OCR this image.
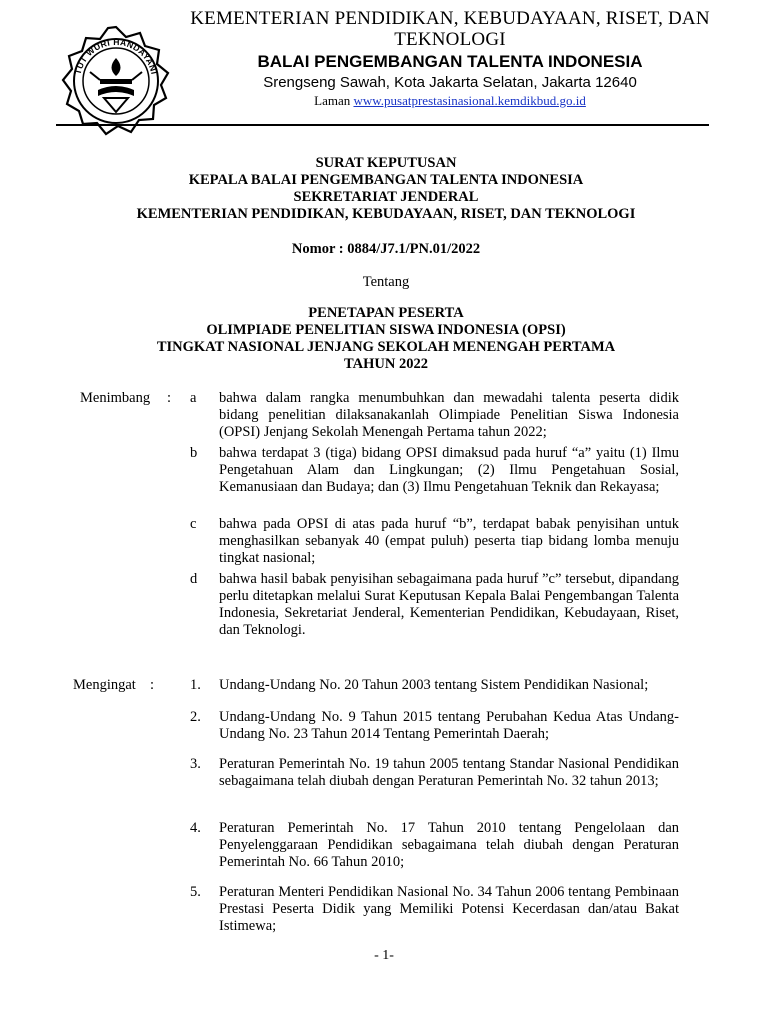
TUT WURI HANDAYANI
KEMENTERIAN PENDIDIKAN, KEBUDAYAAN, RISET, DAN TEKNOLOGI
BALAI PENGEMBANGAN TALENTA INDONESIA
Srengseng Sawah, Kota Jakarta Selatan, Jakarta 12640
Laman www.pusatprestasinasional.kemdikbud.go.id
SURAT KEPUTUSAN
KEPALA BALAI PENGEMBANGAN TALENTA INDONESIA
SEKRETARIAT JENDERAL
KEMENTERIAN PENDIDIKAN, KEBUDAYAAN, RISET, DAN TEKNOLOGI
Nomor : 0884/J7.1/PN.01/2022
Tentang
PENETAPAN PESERTA
OLIMPIADE PENELITIAN SISWA INDONESIA (OPSI)
TINGKAT NASIONAL JENJANG SEKOLAH MENENGAH PERTAMA
TAHUN 2022
Menimbang : a	bahwa dalam rangka menumbuhkan dan mewadahi talenta peserta didik bidang penelitian dilaksanakanlah Olimpiade Penelitian Siswa Indonesia (OPSI) Jenjang Sekolah Menengah Pertama tahun 2022;
b	bahwa terdapat 3 (tiga) bidang OPSI dimaksud pada huruf “a” yaitu (1) Ilmu Pengetahuan Alam dan Lingkungan; (2) Ilmu Pengetahuan Sosial, Kemanusiaan dan Budaya; dan (3) Ilmu Pengetahuan Teknik dan Rekayasa;
c	bahwa pada OPSI di atas pada huruf “b”, terdapat babak penyisihan untuk menghasilkan sebanyak 40 (empat puluh) peserta tiap bidang lomba menuju tingkat nasional;
d	bahwa hasil babak penyisihan sebagaimana pada huruf ”c” tersebut, dipandang perlu ditetapkan melalui Surat Keputusan Kepala Balai Pengembangan Talenta Indonesia, Sekretariat Jenderal, Kementerian Pendidikan, Kebudayaan, Riset, dan Teknologi.
Mengingat : 1.	Undang-Undang No. 20 Tahun 2003 tentang Sistem Pendidikan Nasional;
2.	Undang-Undang No. 9 Tahun 2015 tentang Perubahan Kedua Atas Undang-Undang No. 23 Tahun 2014 Tentang Pemerintah Daerah;
3.	Peraturan Pemerintah No. 19 tahun 2005 tentang Standar Nasional Pendidikan sebagaimana telah diubah dengan Peraturan Pemerintah No. 32 tahun 2013;
4.	Peraturan Pemerintah No. 17 Tahun 2010 tentang Pengelolaan dan Penyelenggaraan Pendidikan sebagaimana telah diubah dengan Peraturan Pemerintah No. 66 Tahun 2010;
5.	Peraturan Menteri Pendidikan Nasional No. 34 Tahun 2006 tentang Pembinaan Prestasi Peserta Didik yang Memiliki Potensi Kecerdasan dan/atau Bakat Istimewa;
- 1-
